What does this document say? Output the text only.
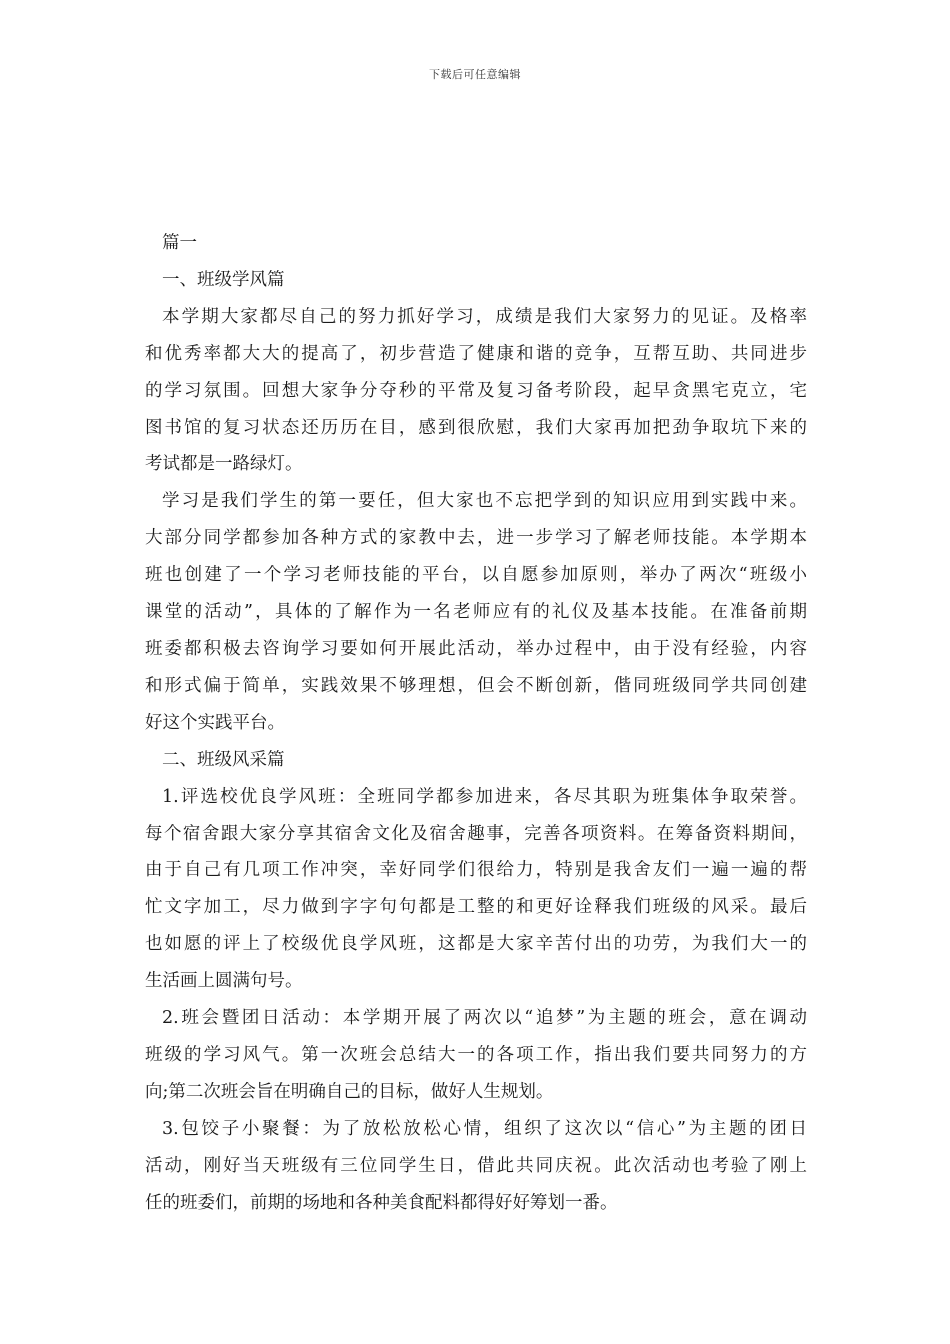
下载后可任意编辑
篇一
一、班级学风篇
本学期大家都尽自己的努力抓好学习，成绩是我们大家努力的见证。及格率
和优秀率都大大的提高了，初步营造了健康和谐的竞争，互帮互助、共同进步
的学习氛围。回想大家争分夺秒的平常及复习备考阶段，起早贪黑宅克立，宅
图书馆的复习状态还历历在目，感到很欣慰，我们大家再加把劲争取坑下来的
考试都是一路绿灯。
学习是我们学生的第一要任，但大家也不忘把学到的知识应用到实践中来。
大部分同学都参加各种方式的家教中去，进一步学习了解老师技能。本学期本
班也创建了一个学习老师技能的平台，以自愿参加原则，举办了两次“班级小
课堂的活动”，具体的了解作为一名老师应有的礼仪及基本技能。在准备前期
班委都积极去咨询学习要如何开展此活动，举办过程中，由于没有经验，内容
和形式偏于简单，实践效果不够理想，但会不断创新，偕同班级同学共同创建
好这个实践平台。
二、班级风采篇
1.评选校优良学风班：全班同学都参加进来，各尽其职为班集体争取荣誉。
每个宿舍跟大家分享其宿舍文化及宿舍趣事，完善各项资料。在筹备资料期间，
由于自己有几项工作冲突，幸好同学们很给力，特别是我舍友们一遍一遍的帮
忙文字加工，尽力做到字字句句都是工整的和更好诠释我们班级的风采。最后
也如愿的评上了校级优良学风班，这都是大家辛苦付出的功劳，为我们大一的
生活画上圆满句号。
2.班会暨团日活动：本学期开展了两次以“追梦”为主题的班会，意在调动
班级的学习风气。第一次班会总结大一的各项工作，指出我们要共同努力的方
向;第二次班会旨在明确自己的目标，做好人生规划。
3.包饺子小聚餐：为了放松放松心情，组织了这次以“信心”为主题的团日
活动，刚好当天班级有三位同学生日，借此共同庆祝。此次活动也考验了刚上
任的班委们，前期的场地和各种美食配料都得好好筹划一番。
